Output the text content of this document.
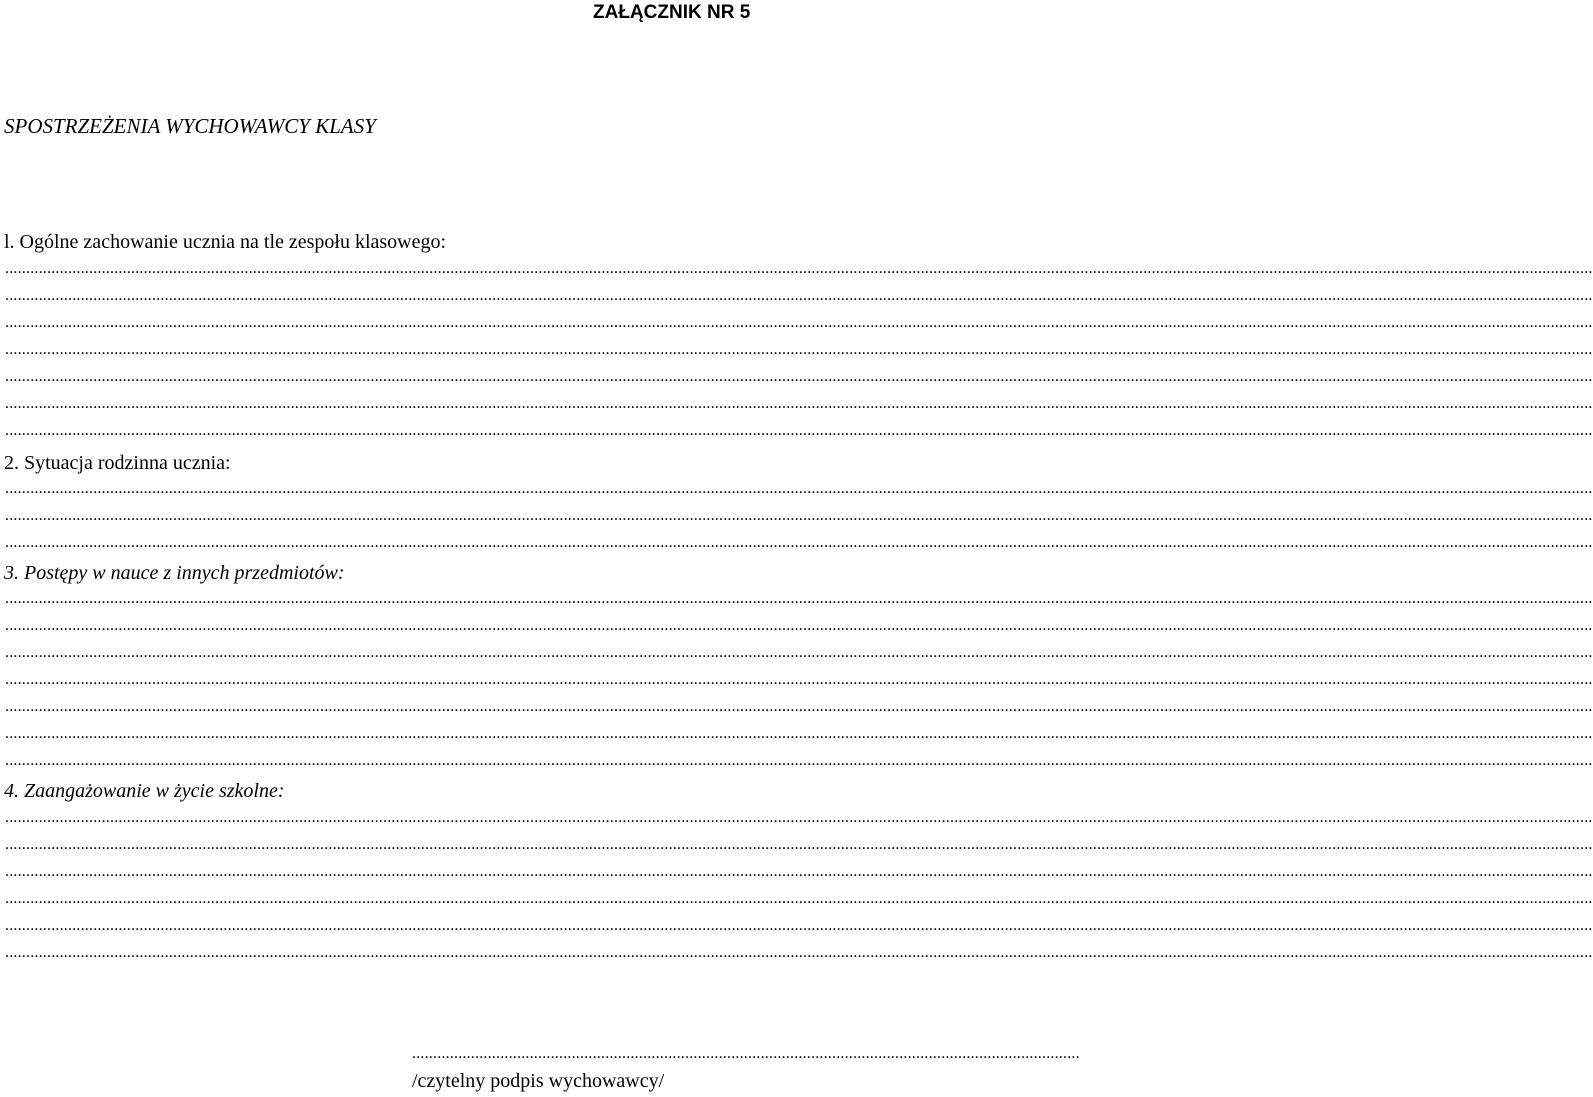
ZAŁĄCZNIK NR 5
SPOSTRZEŻENIA WYCHOWAWCY KLASY
l. Ogólne zachowanie ucznia na tle zespołu klasowego:
..........................................................................................................................................................................................................................................................................................................................................................................................
..........................................................................................................................................................................................................................................................................................................................................................................................
..........................................................................................................................................................................................................................................................................................................................................................................................
..........................................................................................................................................................................................................................................................................................................................................................................................
..........................................................................................................................................................................................................................................................................................................................................................................................
..........................................................................................................................................................................................................................................................................................................................................................................................
..........................................................................................................................................................................................................................................................................................................................................................................................
2. Sytuacja rodzinna ucznia:
..........................................................................................................................................................................................................................................................................................................................................................................................
..........................................................................................................................................................................................................................................................................................................................................................................................
..........................................................................................................................................................................................................................................................................................................................................................................................
3. Postępy w nauce z innych przedmiotów:
..........................................................................................................................................................................................................................................................................................................................................................................................
..........................................................................................................................................................................................................................................................................................................................................................................................
..........................................................................................................................................................................................................................................................................................................................................................................................
..........................................................................................................................................................................................................................................................................................................................................................................................
..........................................................................................................................................................................................................................................................................................................................................................................................
..........................................................................................................................................................................................................................................................................................................................................................................................
..........................................................................................................................................................................................................................................................................................................................................................................................
4. Zaangażowanie w życie szkolne:
..........................................................................................................................................................................................................................................................................................................................................................................................
..........................................................................................................................................................................................................................................................................................................................................................................................
..........................................................................................................................................................................................................................................................................................................................................................................................
..........................................................................................................................................................................................................................................................................................................................................................................................
..........................................................................................................................................................................................................................................................................................................................................................................................
..........................................................................................................................................................................................................................................................................................................................................................................................
...............................................................................................................................................................
/czytelny podpis wychowawcy/
